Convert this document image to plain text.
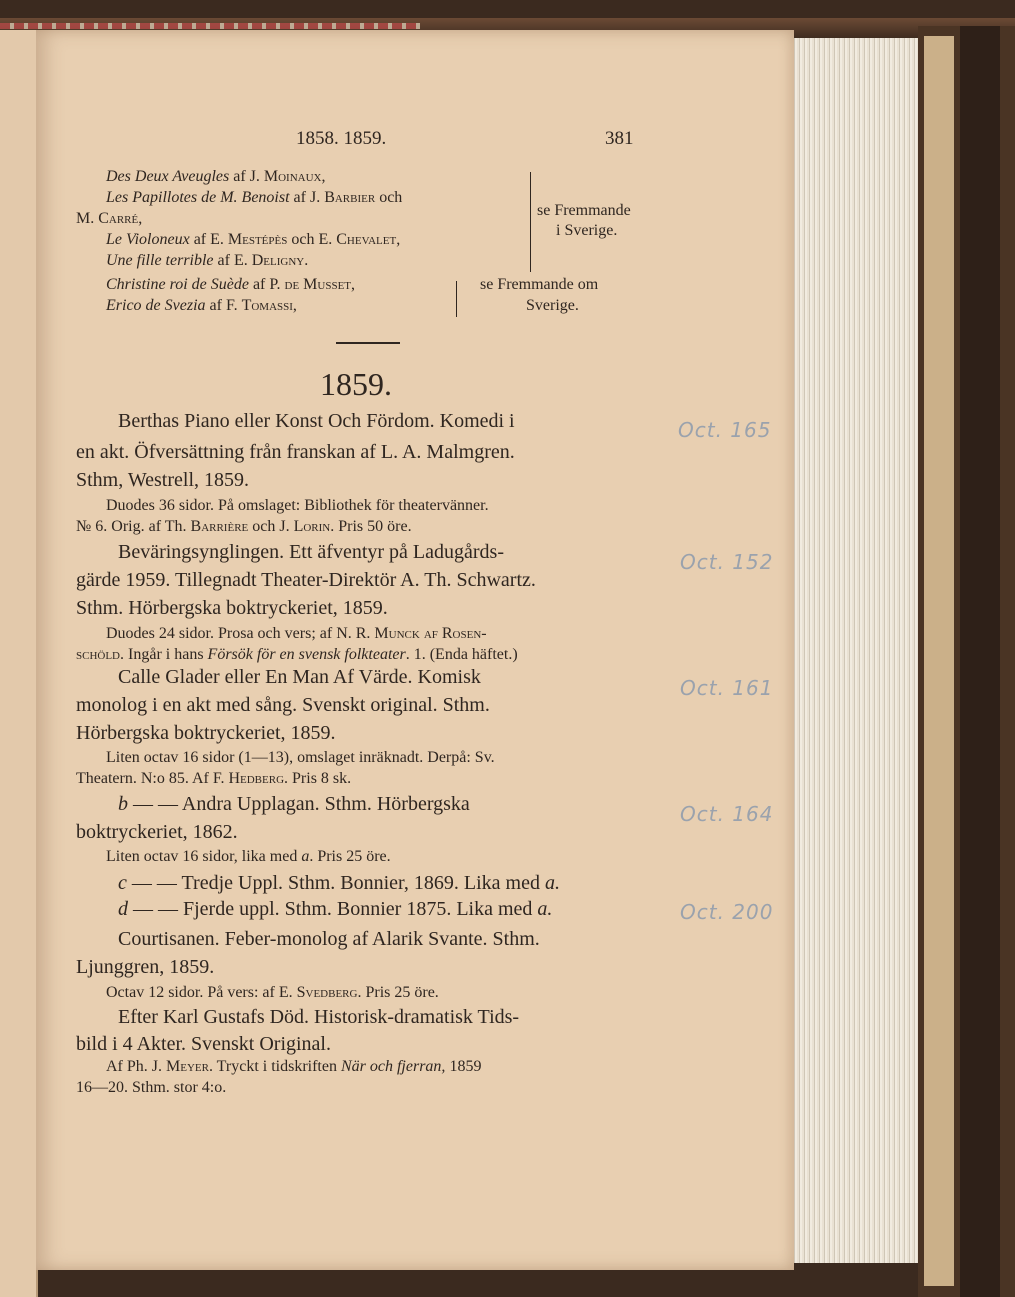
1858. 1859.	381

Des Deux Aveugles af J. Moinaux,

Les Papillotes de M. Benoist af J. Barbier och

M. Carré,

Le Violoneux af E. Mestépès och E. Chevalet,

Une fille terrible af E. Deligny.

se Fremmande

i Sverige.

Christine roi de Suède af P. de Musset,

Erico de Svezia af F. Tomassi,

se Fremmande om

Sverige.

1859.

Berthas Piano eller Konst Och Fördom. Komedi i

en akt. Öfversättning från franskan af L. A. Malmgren.

Sthm, Westrell, 1859.

Duodes 36 sidor. På omslaget: Bibliothek för theatervänner.

№ 6. Orig. af Th. Barrière och J. Lorin. Pris 50 öre.

Beväringsynglingen. Ett äfventyr på Ladugårds-

gärde 1959. Tillegnadt Theater-Direktör A. Th. Schwartz.

Sthm. Hörbergska boktryckeriet, 1859.

Duodes 24 sidor. Prosa och vers; af N. R. Munck af Rosen-

schöld. Ingår i hans Försök för en svensk folkteater. 1. (Enda häftet.)

Calle Glader eller En Man Af Värde. Komisk

monolog i en akt med sång. Svenskt original. Sthm.

Hörbergska boktryckeriet, 1859.

Liten octav 16 sidor (1—13), omslaget inräknadt. Derpå: Sv.

Theatern. N:o 85. Af F. Hedberg. Pris 8 sk.

b — — Andra Upplagan. Sthm. Hörbergska

boktryckeriet, 1862.

Liten octav 16 sidor, lika med a. Pris 25 öre.

c — — Tredje Uppl. Sthm. Bonnier, 1869. Lika med a.

d — — Fjerde uppl. Sthm. Bonnier 1875. Lika med a.

Courtisanen. Feber-monolog af Alarik Svante. Sthm.

Ljunggren, 1859.

Octav 12 sidor. På vers: af E. Svedberg. Pris 25 öre.

Efter Karl Gustafs Död. Historisk-dramatisk Tids-

bild i 4 Akter. Svenskt Original.

Af Ph. J. Meyer. Tryckt i tidskriften När och fjerran, 1859

16—20. Sthm. stor 4:o.

Oct. 165
Oct. 152
Oct. 161
Oct. 164
Oct. 200
